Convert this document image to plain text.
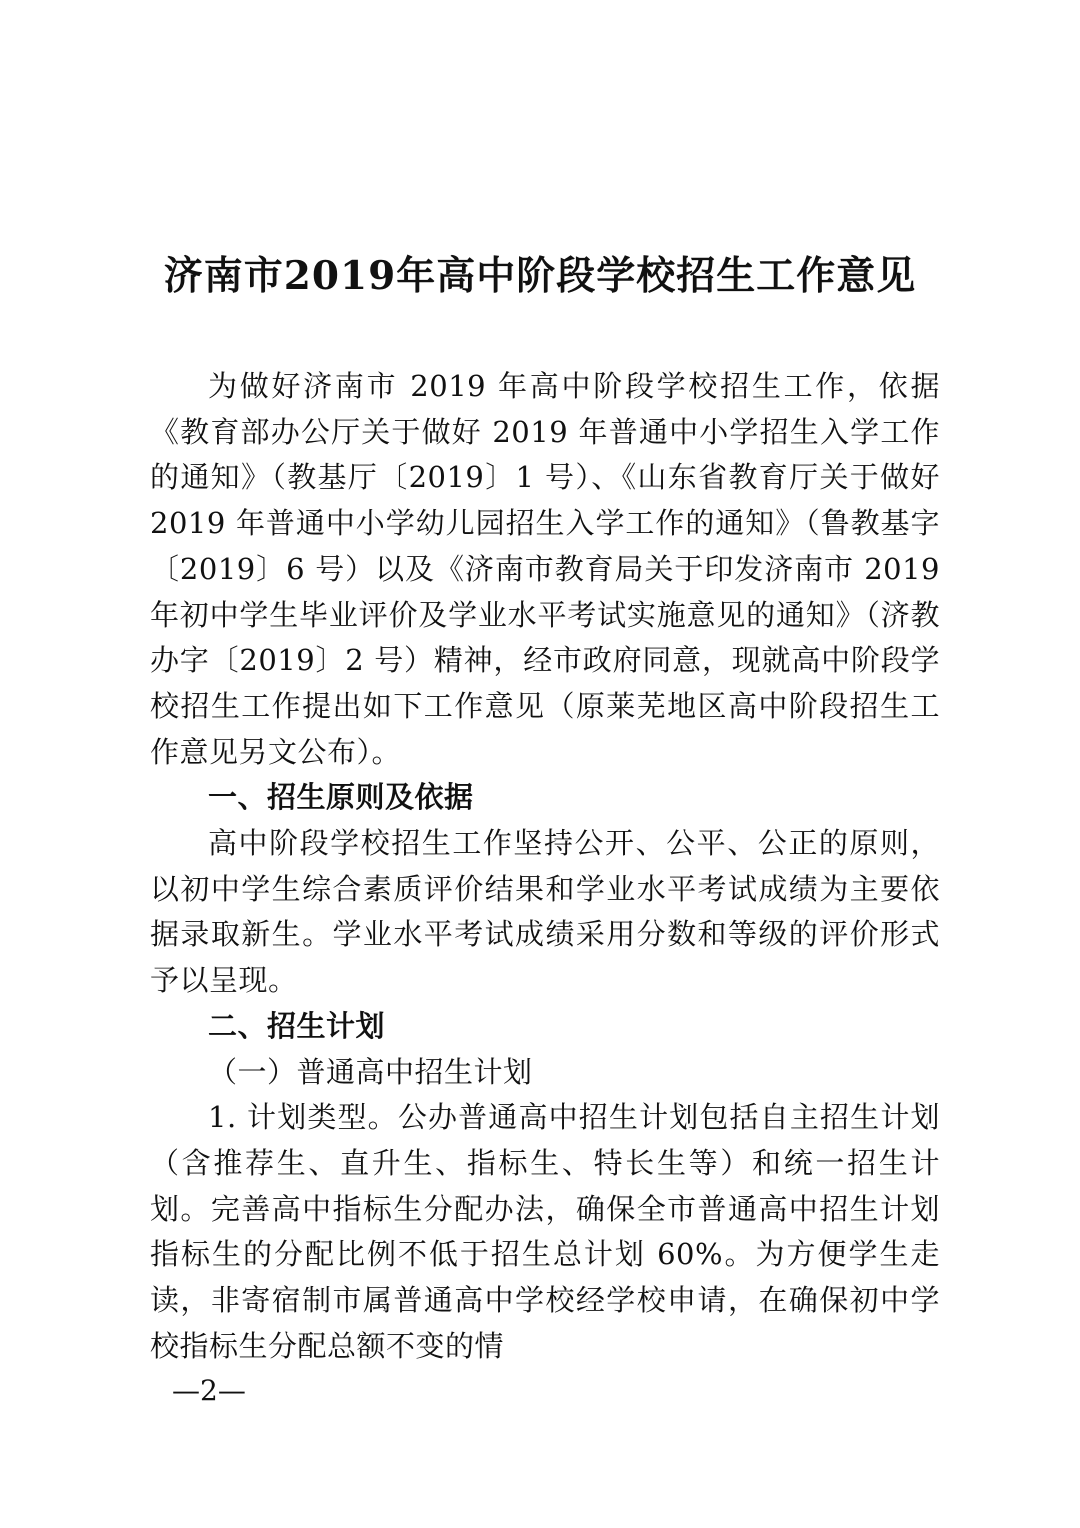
济南市2019年高中阶段学校招生工作意见

为做好济南市 2019 年高中阶段学校招生工作，依据《教育部办公厅关于做好 2019 年普通中小学招生入学工作的通知》（教基厅〔2019〕1 号）、《山东省教育厅关于做好 2019 年普通中小学幼儿园招生入学工作的通知》（鲁教基字〔2019〕6 号）以及《济南市教育局关于印发济南市 2019 年初中学生毕业评价及学业水平考试实施意见的通知》（济教办字〔2019〕2 号）精神，经市政府同意，现就高中阶段学校招生工作提出如下工作意见（原莱芜地区高中阶段招生工作意见另文公布）。

一、招生原则及依据

高中阶段学校招生工作坚持公开、公平、公正的原则，以初中学生综合素质评价结果和学业水平考试成绩为主要依据录取新生。学业水平考试成绩采用分数和等级的评价形式予以呈现。

二、招生计划

（一）普通高中招生计划

1. 计划类型。公办普通高中招生计划包括自主招生计划（含推荐生、直升生、指标生、特长生等）和统一招生计划。完善高中指标生分配办法，确保全市普通高中招生计划指标生的分配比例不低于招生总计划 60%。为方便学生走读，非寄宿制市属普通高中学校经学校申请，在确保初中学校指标生分配总额不变的情

—2—
